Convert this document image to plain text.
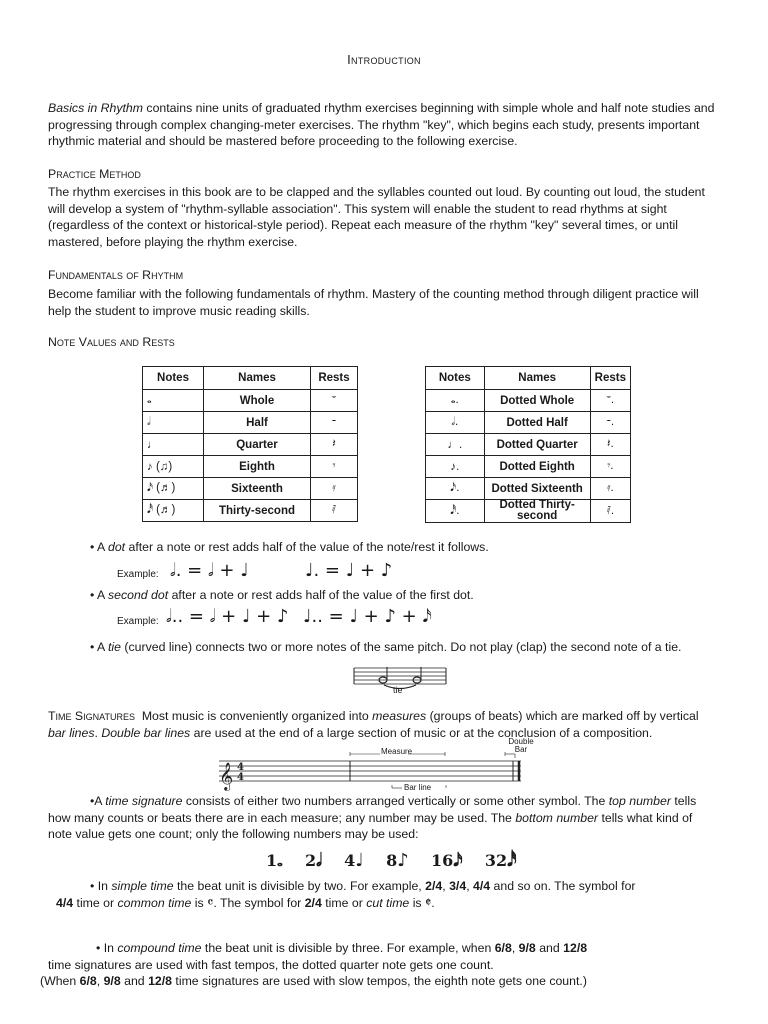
Introduction
Basics in Rhythm contains nine units of graduated rhythm exercises beginning with simple whole and half note studies and progressing through complex changing-meter exercises. The rhythm "key", which begins each study, presents important rhythmic material and should be mastered before proceeding to the following exercise.
Practice Method
The rhythm exercises in this book are to be clapped and the syllables counted out loud. By counting out loud, the student will develop a system of "rhythm-syllable association". This system will enable the student to read rhythms at sight (regardless of the context or historical-style period). Repeat each measure of the rhythm "key" several times, or until mastered, before playing the rhythm exercise.
Fundamentals of Rhythm
Become familiar with the following fundamentals of rhythm. Mastery of the counting method through diligent practice will help the student to improve music reading skills.
Note Values and Rests
Notes	Names	Rests
𝅝	Whole	𝄻
𝅗𝅥	Half	𝄼
♩	Quarter	𝄽
♪ (♫)	Eighth	𝄾
𝅘𝅥𝅯 (♬)	Sixteenth	𝄿
𝅘𝅥𝅰 (♬)	Thirty-second	𝅀
Notes	Names	Rests
𝅝.	Dotted Whole	𝄻.
𝅗𝅥.	Dotted Half	𝄼.
♩.	Dotted Quarter	𝄽.
♪.	Dotted Eighth	𝄾.
𝅘𝅥𝅯.	Dotted Sixteenth	𝄿.
𝅘𝅥𝅰.	Dotted Thirty-second	𝅀.
• A dot after a note or rest adds half of the value of the note/rest it follows.
Example: 𝅗𝅥. = 𝅗𝅥 + ♩	♩. = ♩ + ♪
• A second dot after a note or rest adds half of the value of the first dot.
Example: 𝅗𝅥.. = 𝅗𝅥 + ♩ + ♪ ♩.. = ♩ + ♪ + 𝅘𝅥𝅯
• A tie (curved line) connects two or more notes of the same pitch. Do not play (clap) the second note of a tie.
tie
Time Signatures Most music is conveniently organized into measures (groups of beats) which are marked off by vertical bar lines. Double bar lines are used at the end of a large section of music or at the conclusion of a composition.
𝄞 4
4
Measure
Double Bar
Bar line
•A time signature consists of either two numbers arranged vertically or some other symbol. The top number tells how many counts or beats there are in each measure; any number may be used. The bottom number tells what kind of note value gets one count; only the following numbers may be used:
1𝅝 2𝅗𝅥 4♩ 8♪ 16𝅘𝅥𝅯 32𝅘𝅥𝅰
• In simple time the beat unit is divisible by two. For example, 2/4, 3/4, 4/4 and so on. The symbol for
4/4 time or common time is 𝄴. The symbol for 2/4 time or cut time is 𝄵.
• In compound time the beat unit is divisible by three. For example, when 6/8, 9/8 and 12/8
time signatures are used with fast tempos, the dotted quarter note gets one count.
(When 6/8, 9/8 and 12/8 time signatures are used with slow tempos, the eighth note gets one count.)
